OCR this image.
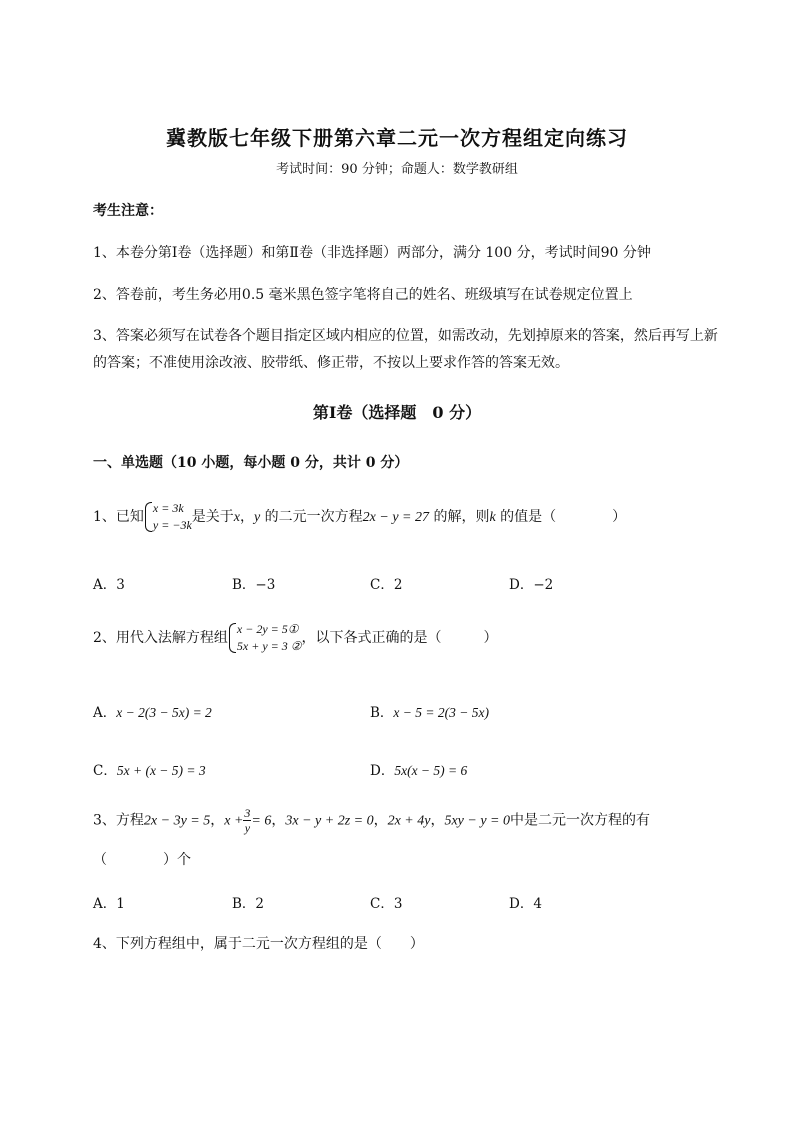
冀教版七年级下册第六章二元一次方程组定向练习
考试时间：90 分钟；命题人：数学教研组
考生注意：
1、本卷分第Ⅰ卷（选择题）和第Ⅱ卷（非选择题）两部分，满分 100 分，考试时间90 分钟
2、答卷前，考生务必用0.5 毫米黑色签字笔将自己的姓名、班级填写在试卷规定位置上
3、答案必须写在试卷各个题目指定区域内相应的位置，如需改动，先划掉原来的答案，然后再写上新
的答案；不准使用涂改液、胶带纸、修正带，不按以上要求作答的答案无效。
第Ⅰ卷（选择题　0 分）
一、单选题（10 小题，每小题 0 分，共计 0 分）
1、已知
x = 3k
y = −3k 是关于x，y 的二元一次方程2x − y = 27 的解，则k 的值是（　　　　）
A．3	B．−3	C．2	D．−2
2、用代入法解方程组
x − 2y = 5①
5x + y = 3 ② ，以下各式正确的是（　　　）
A．x − 2(3 − 5x) = 2	B．x − 5 = 2(3 − 5x)
C．5x + (x − 5) = 3	D．5x(x − 5) = 6
3、方程2x − 3y = 5，$x + \frac{3}{y} = 6$，3x − y + 2z = 0，2x + 4y，5xy − y = 0中是二元一次方程的有
（　　　　）个
A．1	B．2	C．3	D．4
4、下列方程组中，属于二元一次方程组的是（　　）
